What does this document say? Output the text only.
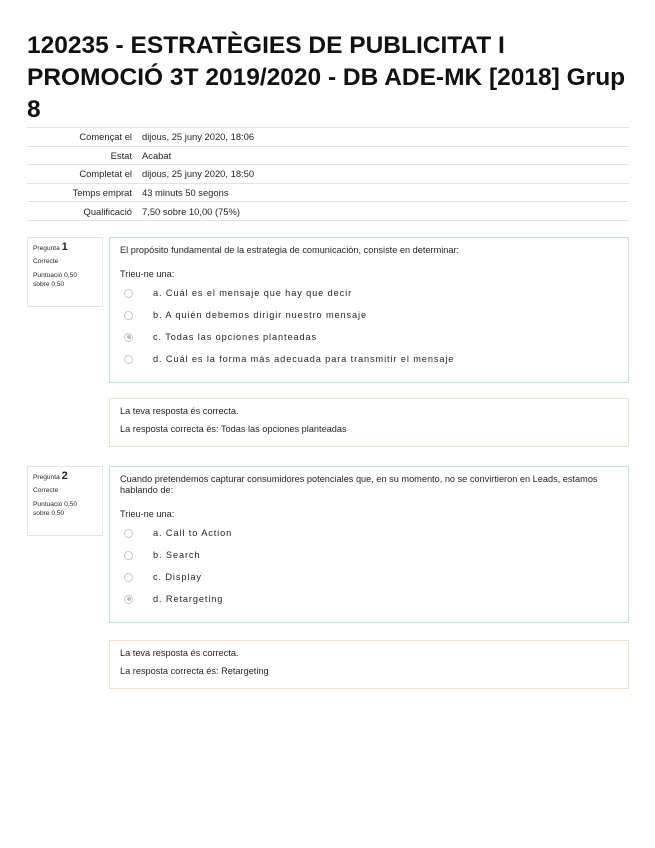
120235 - ESTRATÈGIES DE PUBLICITAT I PROMOCIÓ 3T 2019/2020 - DB ADE-MK [2018] Grup 8
Començat el	dijous, 25 juny 2020, 18:06
Estat	Acabat
Completat el	dijous, 25 juny 2020, 18:50
Temps emprat	43 minuts 50 segons
Qualificació	7,50 sobre 10,00 (75%)
Pregunta 1
Correcte
Puntuació 0,50
sobre 0,50
El propósito fundamental de la estrategia de comunicación, consiste en determinar:
Trieu-ne una:
a. Cuál es el mensaje que hay que decir
b. A quién debemos dirigir nuestro mensaje
c. Todas las opciones planteadas
d. Cuál es la forma más adecuada para transmitir el mensaje
La teva resposta és correcta.
La resposta correcta és: Todas las opciones planteadas
Pregunta 2
Correcte
Puntuació 0,50
sobre 0,50
Cuando pretendemos capturar consumidores potenciales que, en su momento, no se convirtieron en Leads, estamos hablando de:
Trieu-ne una:
a. Call to Action
b. Search
c. Display
d. Retargeting
La teva resposta és correcta.
La resposta correcta és: Retargeting
